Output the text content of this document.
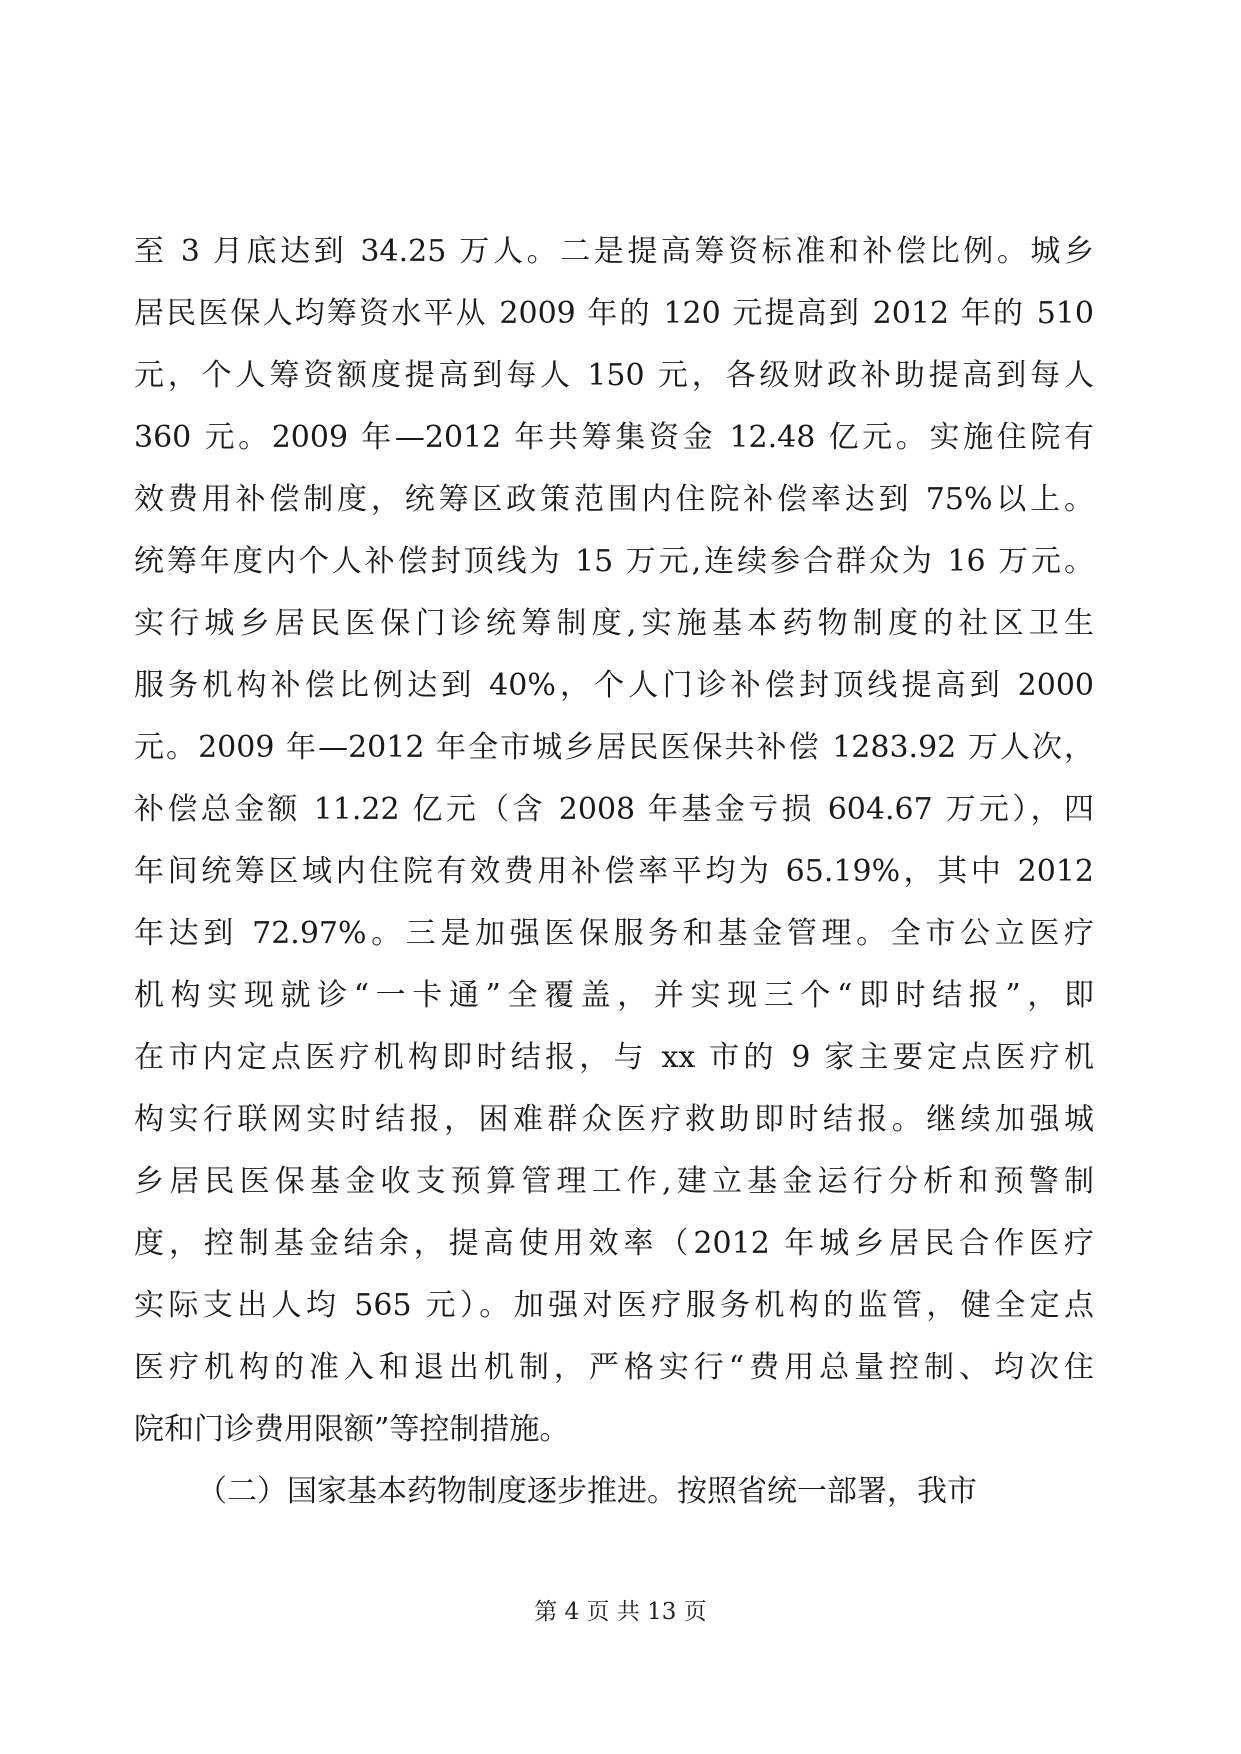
至 3 月底达到 34.25 万人。二是提高筹资标准和补偿比例。城乡
居民医保人均筹资水平从 2009 年的 120 元提高到 2012 年的 510
元，个人筹资额度提高到每人 150 元，各级财政补助提高到每人
360 元。2009 年—2012 年共筹集资金 12.48 亿元。实施住院有
效费用补偿制度，统筹区政策范围内住院补偿率达到 75%以上。
统筹年度内个人补偿封顶线为 15 万元,连续参合群众为 16 万元。
实行城乡居民医保门诊统筹制度,实施基本药物制度的社区卫生
服务机构补偿比例达到 40%，个人门诊补偿封顶线提高到 2000
元。2009 年—2012 年全市城乡居民医保共补偿 1283.92 万人次，
补偿总金额 11.22 亿元（含 2008 年基金亏损 604.67 万元），四
年间统筹区域内住院有效费用补偿率平均为 65.19%，其中 2012
年达到 72.97%。三是加强医保服务和基金管理。全市公立医疗
机构实现就诊“一卡通”全覆盖，并实现三个“即时结报”，即
在市内定点医疗机构即时结报，与 xx 市的 9 家主要定点医疗机
构实行联网实时结报，困难群众医疗救助即时结报。继续加强城
乡居民医保基金收支预算管理工作,建立基金运行分析和预警制
度，控制基金结余，提高使用效率（2012 年城乡居民合作医疗
实际支出人均 565 元）。加强对医疗服务机构的监管，健全定点
医疗机构的准入和退出机制，严格实行“费用总量控制、均次住
院和门诊费用限额”等控制措施。
（二）国家基本药物制度逐步推进。按照省统一部署，我市
第 4 页 共 13 页
